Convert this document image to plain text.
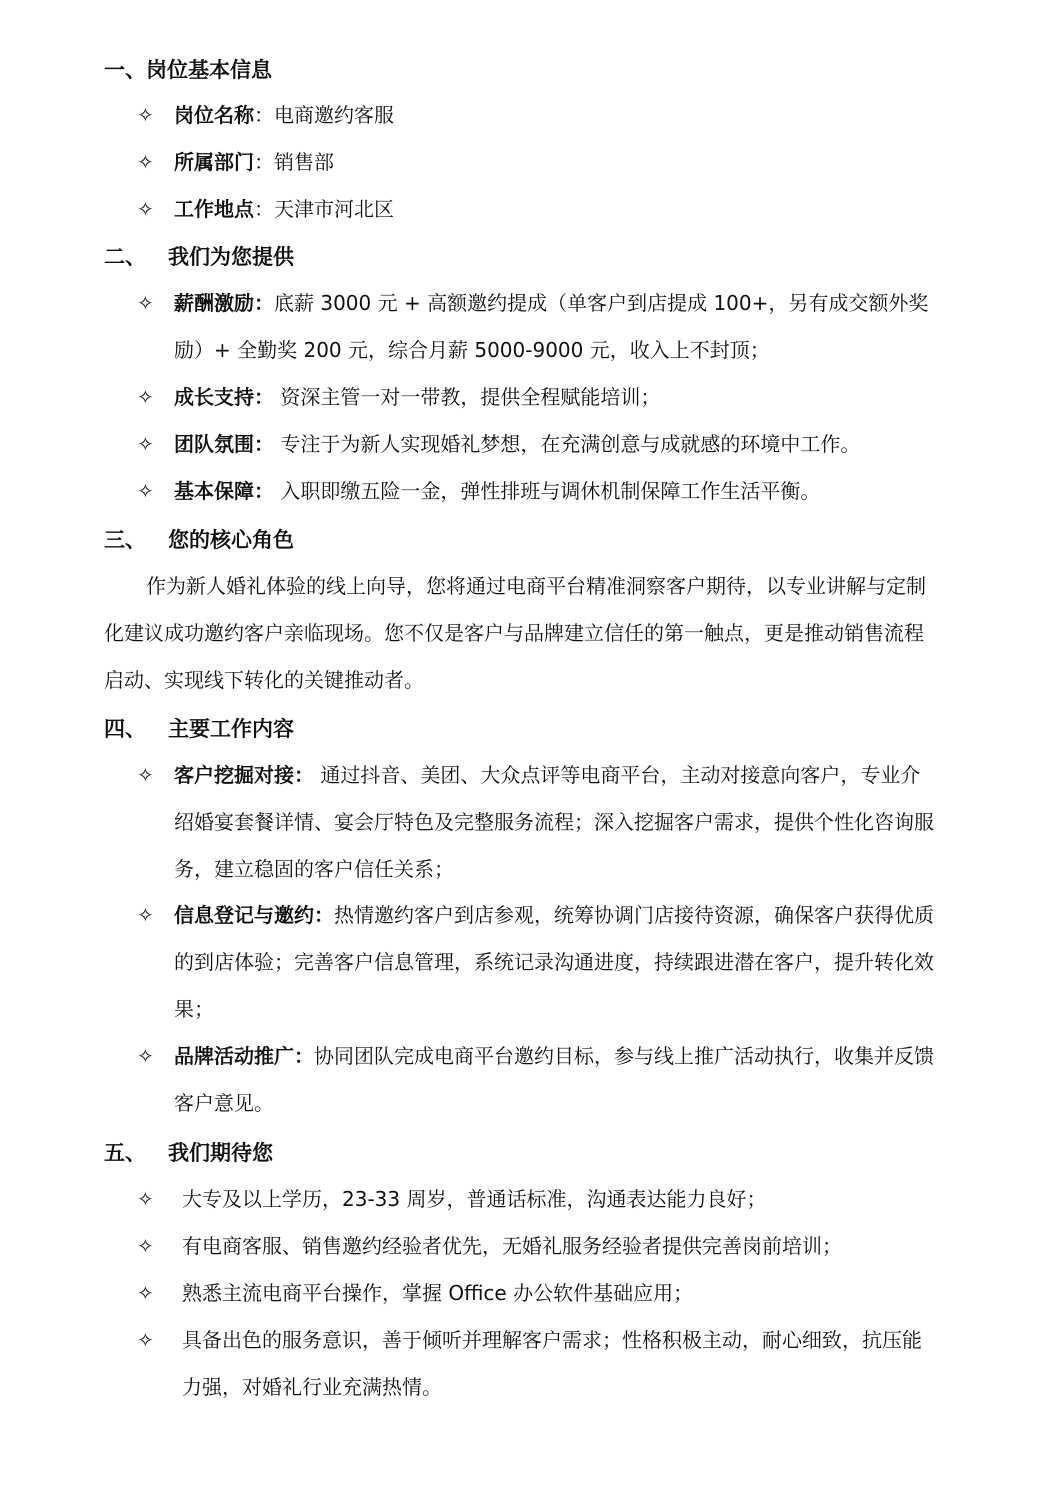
一、岗位基本信息
✧ 岗位名称：电商邀约客服
✧ 所属部门：销售部
✧ 工作地点：天津市河北区
二、 我们为您提供
✧ 薪酬激励：底薪 3000 元 + 高额邀约提成（单客户到店提成 100+，另有成交额外奖励）+ 全勤奖 200 元，综合月薪 5000-9000 元，收入上不封顶；
✧ 成长支持： 资深主管一对一带教，提供全程赋能培训；
✧ 团队氛围： 专注于为新人实现婚礼梦想，在充满创意与成就感的环境中工作。
✧ 基本保障： 入职即缴五险一金，弹性排班与调休机制保障工作生活平衡。
三、 您的核心角色
作为新人婚礼体验的线上向导，您将通过电商平台精准洞察客户期待，以专业讲解与定制化建议成功邀约客户亲临现场。您不仅是客户与品牌建立信任的第一触点，更是推动销售流程启动、实现线下转化的关键推动者。
四、 主要工作内容
✧ 客户挖掘对接： 通过抖音、美团、大众点评等电商平台，主动对接意向客户，专业介绍婚宴套餐详情、宴会厅特色及完整服务流程；深入挖掘客户需求，提供个性化咨询服务，建立稳固的客户信任关系；
✧ 信息登记与邀约：热情邀约客户到店参观，统筹协调门店接待资源，确保客户获得优质的到店体验；完善客户信息管理，系统记录沟通进度，持续跟进潜在客户，提升转化效果；
✧ 品牌活动推广：协同团队完成电商平台邀约目标，参与线上推广活动执行，收集并反馈客户意见。
五、 我们期待您
✧ 大专及以上学历，23-33 周岁，普通话标准，沟通表达能力良好；
✧ 有电商客服、销售邀约经验者优先，无婚礼服务经验者提供完善岗前培训；
✧ 熟悉主流电商平台操作，掌握 Office 办公软件基础应用；
✧ 具备出色的服务意识，善于倾听并理解客户需求；性格积极主动，耐心细致，抗压能力强，对婚礼行业充满热情。
